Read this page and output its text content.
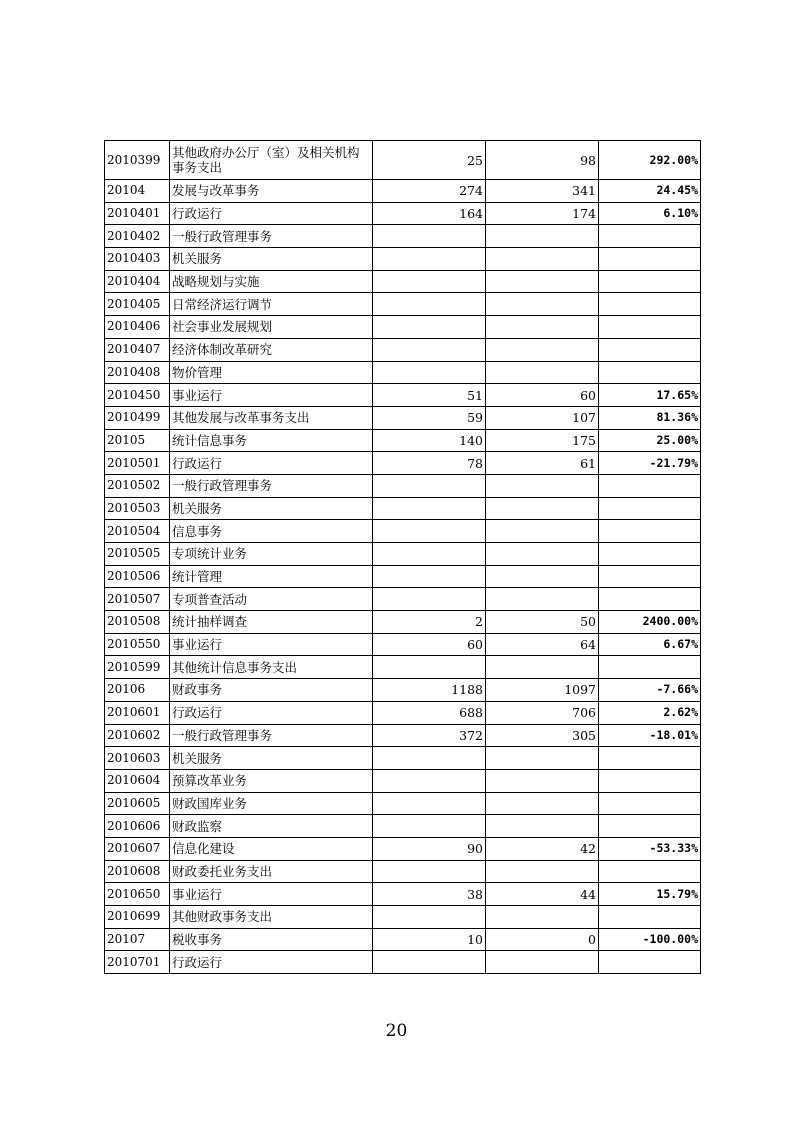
2010399	其他政府办公厅（室）及相关机构事务支出	25	98	292.00%
20104	发展与改革事务	274	341	24.45%
2010401	行政运行	164	174	6.10%
2010402	一般行政管理事务			
2010403	机关服务			
2010404	战略规划与实施			
2010405	日常经济运行调节			
2010406	社会事业发展规划			
2010407	经济体制改革研究			
2010408	物价管理			
2010450	事业运行	51	60	17.65%
2010499	其他发展与改革事务支出	59	107	81.36%
20105	统计信息事务	140	175	25.00%
2010501	行政运行	78	61	-21.79%
2010502	一般行政管理事务			
2010503	机关服务			
2010504	信息事务			
2010505	专项统计业务			
2010506	统计管理			
2010507	专项普查活动			
2010508	统计抽样调查	2	50	2400.00%
2010550	事业运行	60	64	6.67%
2010599	其他统计信息事务支出			
20106	财政事务	1188	1097	-7.66%
2010601	行政运行	688	706	2.62%
2010602	一般行政管理事务	372	305	-18.01%
2010603	机关服务			
2010604	预算改革业务			
2010605	财政国库业务			
2010606	财政监察			
2010607	信息化建设	90	42	-53.33%
2010608	财政委托业务支出			
2010650	事业运行	38	44	15.79%
2010699	其他财政事务支出			
20107	税收事务	10	0	-100.00%
2010701	行政运行			
20
